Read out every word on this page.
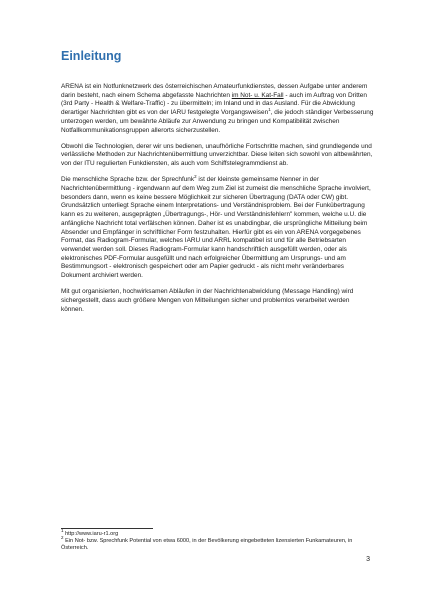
Einleitung

ARENA ist ein Notfunknetzwerk des österreichischen Amateurfunkdienstes, dessen Aufgabe unter anderem darin besteht, nach einem Schema abgefasste Nachrichten im Not- u. Kat-Fall - auch im Auftrag von Dritten (3rd Party - Health & Welfare-Traffic) - zu übermitteln; im Inland und in das Ausland. Für die Abwicklung derartiger Nachrichten gibt es von der IARU festgelegte Vorgangsweisen$^1$, die jedoch ständiger Verbesserung unterzogen werden, um bewährte Abläufe zur Anwendung zu bringen und Kompatibilität zwischen Notfallkommunikationsgruppen allerorts sicherzustellen.

Obwohl die Technologien, derer wir uns bedienen, unaufhörliche Fortschritte machen, sind grundlegende und verlässliche Methoden zur Nachrichtenübermittlung unverzichtbar. Diese leiten sich sowohl von altbewährten, von der ITU regulierten Funkdiensten, als auch vom Schiffstelegrammdienst ab.

Die menschliche Sprache bzw. der Sprechfunk$^2$ ist der kleinste gemeinsame Nenner in der Nachrichtenübermittlung - irgendwann auf dem Weg zum Ziel ist zumeist die menschliche Sprache involviert, besonders dann, wenn es keine bessere Möglichkeit zur sicheren Übertragung (DATA oder CW) gibt. Grundsätzlich unterliegt Sprache einem Interpretations- und Verständnisproblem. Bei der Funkübertragung kann es zu weiteren, ausgeprägten „Übertragungs-, Hör- und Verständnisfehlern" kommen, welche u.U. die anfängliche Nachricht total verfälschen können. Daher ist es unabdingbar, die ursprüngliche Mitteilung beim Absender und Empfänger in schriftlicher Form festzuhalten. Hierfür gibt es ein von ARENA vorgegebenes Format, das Radiogram-Formular, welches IARU und ARRL kompatibel ist und für alle Betriebsarten verwendet werden soll. Dieses Radiogram-Formular kann handschriftlich ausgefüllt werden, oder als elektronisches PDF-Formular ausgefüllt und nach erfolgreicher Übermittlung am Ursprungs- und am Bestimmungsort - elektronisch gespeichert oder am Papier gedruckt - als nicht mehr veränderbares Dokument archiviert werden.

Mit gut organisierten, hochwirksamen Abläufen in der Nachrichtenabwicklung (Message Handling) wird sichergestellt, dass auch größere Mengen von Mitteilungen sicher und problemlos verarbeitet werden können.

$^1$ http://www.iaru-r1.org

$^2$ Ein Not- bzw. Sprechfunk Potential von etwa 6000, in der Bevölkerung eingebetteten lizensierten Funkamateuren, in Österreich.

3
